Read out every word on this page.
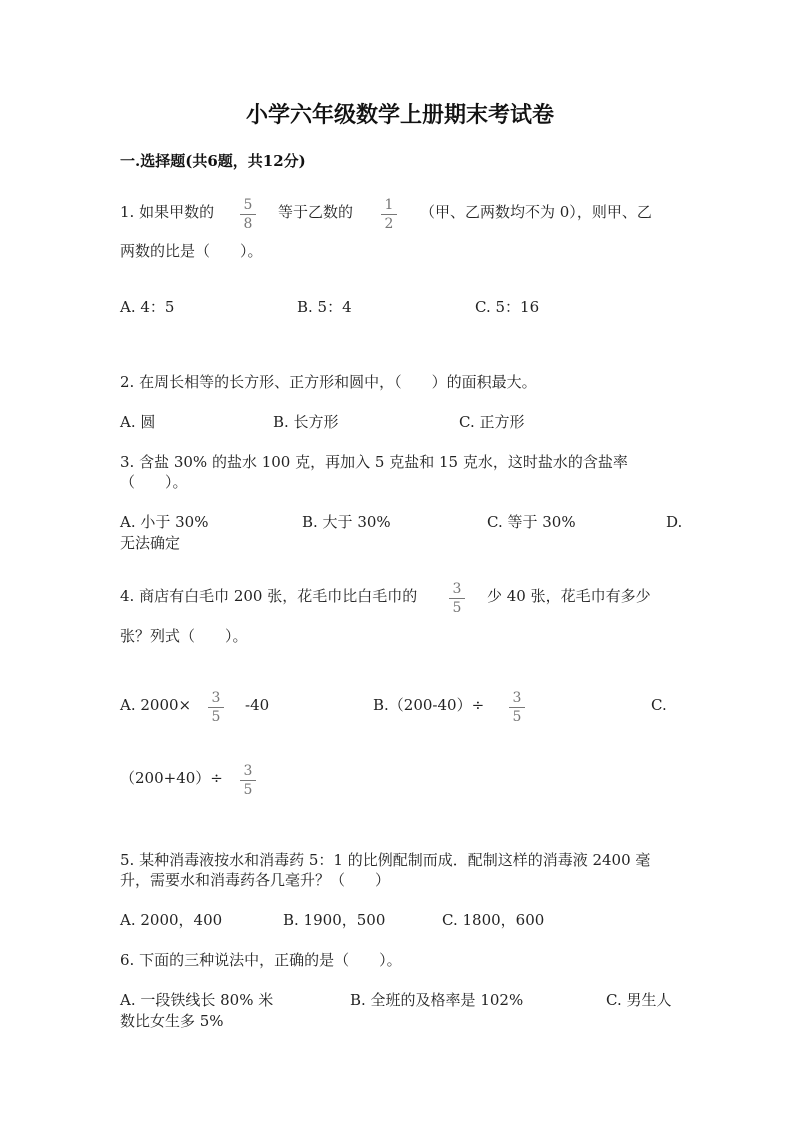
小学六年级数学上册期末考试卷
一.选择题(共6题，共12分)
1. 如果甲数的 5
8
等于乙数的 1
2
（甲、乙两数均不为 0），则甲、乙
两数的比是（　　）。
A. 4：5	B. 5：4	C. 5：16
2. 在周长相等的长方形、正方形和圆中，（　　）的面积最大。
A. 圆	B. 长方形	C. 正方形
3. 含盐 30% 的盐水 100 克，再加入 5 克盐和 15 克水，这时盐水的含盐率
（　　）。
A. 小于 30%	B. 大于 30%	C. 等于 30%	D.
无法确定
4. 商店有白毛巾 200 张，花毛巾比白毛巾的	3
5
少 40 张，花毛巾有多少
张？列式（　　）。
A. 2000× 3
5
-40	B.（200-40）÷ 3
5
C.
（200+40）÷ 3
5
5. 某种消毒液按水和消毒药 5：1 的比例配制而成．配制这样的消毒液 2400 毫
升，需要水和消毒药各几毫升？（　　）
A. 2000，400	B. 1900，500	C. 1800，600
6. 下面的三种说法中，正确的是（　　）。
A. 一段铁线长 80% 米	B. 全班的及格率是 102%	C. 男生人
数比女生多 5%
